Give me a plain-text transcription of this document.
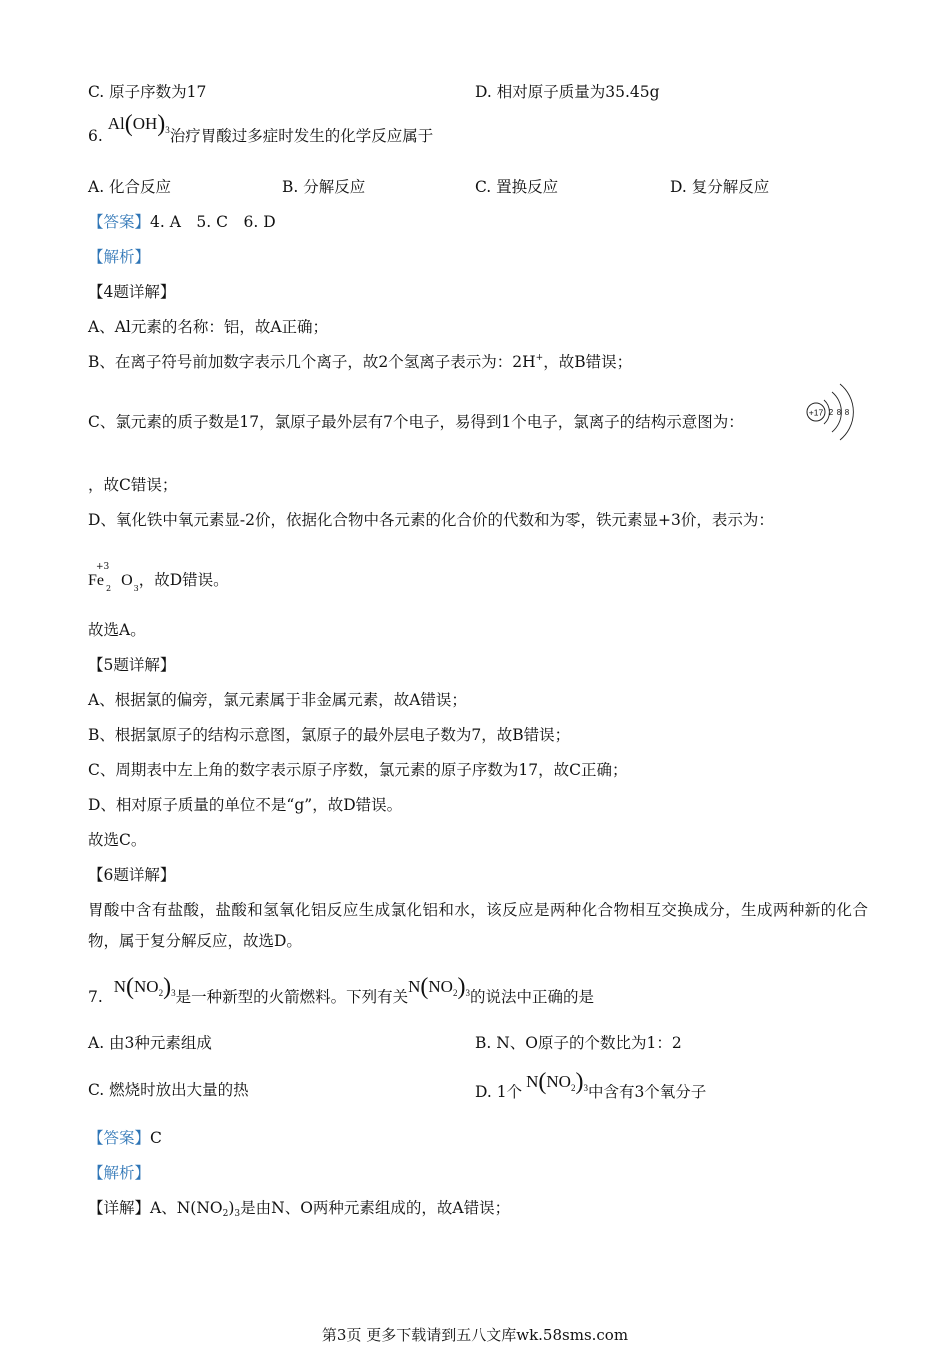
C. 原子序数为17	D. 相对原子质量为35.45g
6. $Al(OH)_3$治疗胃酸过多症时发生的化学反应属于
A. 化合反应	B. 分解反应	C. 置换反应	D. 复分解反应
【答案】4. A　5. C　6. D
【解析】
【4题详解】
A、Al元素的名称：铝，故A正确；
B、在离子符号前加数字表示几个离子，故2个氢离子表示为：2H+，故B错误；
C、氯元素的质子数是17，氯原子最外层有7个电子，易得到1个电子，氯离子的结构示意图为：
+17 2 8 8
，故C错误；
D、氧化铁中氧元素显-2价，依据化合物中各元素的化合价的代数和为零，铁元素显+3价，表示为：
+3
Fe $_2$ $O_3$，故D错误。
故选A。
【5题详解】
A、根据氯的偏旁，氯元素属于非金属元素，故A错误；
B、根据氯原子的结构示意图，氯原子的最外层电子数为7，故B错误；
C、周期表中左上角的数字表示原子序数，氯元素的原子序数为17，故C正确；
D、相对原子质量的单位不是“g”，故D错误。
故选C。
【6题详解】
胃酸中含有盐酸，盐酸和氢氧化铝反应生成氯化铝和水，该反应是两种化合物相互交换成分，生成两种新的化合物，属于复分解反应，故选D。
7. $N(NO_2)_3$是一种新型的火箭燃料。下列有关$N(NO_2)_3$的说法中正确的是
A. 由3种元素组成	B. N、O原子的个数比为1：2
C. 燃烧时放出大量的热	D. 1个$N(NO_2)_3$中含有3个氧分子
【答案】C
【解析】
【详解】A、N(NO2)3是由N、O两种元素组成的，故A错误；
第3页 更多下载请到五八文库wk.58sms.com
